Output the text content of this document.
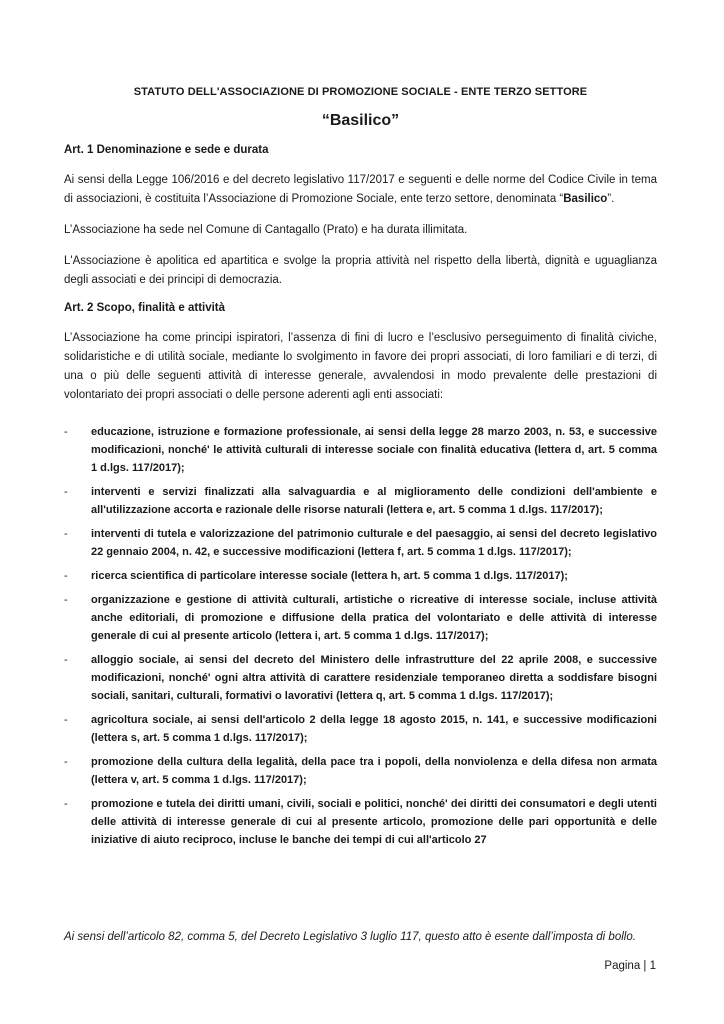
STATUTO DELL'ASSOCIAZIONE DI PROMOZIONE SOCIALE - ENTE TERZO SETTORE
“Basilico”
Art. 1 Denominazione e sede e durata

Ai sensi della Legge 106/2016 e del decreto legislativo 117/2017 e seguenti e delle norme del Codice Civile in tema di associazioni, è costituita l’Associazione di Promozione Sociale, ente terzo settore, denominata “Basilico”.

L’Associazione ha sede nel Comune di Cantagallo (Prato) e ha durata illimitata.

L'Associazione è apolitica ed apartitica e svolge la propria attività nel rispetto della libertà, dignità e uguaglianza degli associati e dei principi di democrazia.

Art. 2 Scopo, finalità e attività

L’Associazione ha come principi ispiratori, l’assenza di fini di lucro e l’esclusivo perseguimento di finalità civiche, solidaristiche e di utilità sociale, mediante lo svolgimento in favore dei propri associati, di loro familiari e di terzi, di una o più delle seguenti attività di interesse generale, avvalendosi in modo prevalente delle prestazioni di volontariato dei propri associati o delle persone aderenti agli enti associati:

- educazione, istruzione e formazione professionale, ai sensi della legge 28 marzo 2003, n. 53, e successive modificazioni, nonché' le attività culturali di interesse sociale con finalità educativa (lettera d, art. 5 comma 1 d.lgs. 117/2017);
- interventi e servizi finalizzati alla salvaguardia e al miglioramento delle condizioni dell'ambiente e all'utilizzazione accorta e razionale delle risorse naturali (lettera e, art. 5 comma 1 d.lgs. 117/2017);
- interventi di tutela e valorizzazione del patrimonio culturale e del paesaggio, ai sensi del decreto legislativo 22 gennaio 2004, n. 42, e successive modificazioni (lettera f, art. 5 comma 1 d.lgs. 117/2017);
- ricerca scientifica di particolare interesse sociale (lettera h, art. 5 comma 1 d.lgs. 117/2017);
- organizzazione e gestione di attività culturali, artistiche o ricreative di interesse sociale, incluse attività anche editoriali, di promozione e diffusione della pratica del volontariato e delle attività di interesse generale di cui al presente articolo (lettera i, art. 5 comma 1 d.lgs. 117/2017);
- alloggio sociale, ai sensi del decreto del Ministero delle infrastrutture del 22 aprile 2008, e successive modificazioni, nonché' ogni altra attività di carattere residenziale temporaneo diretta a soddisfare bisogni sociali, sanitari, culturali, formativi o lavorativi (lettera q, art. 5 comma 1 d.lgs. 117/2017);
- agricoltura sociale, ai sensi dell'articolo 2 della legge 18 agosto 2015, n. 141, e successive modificazioni (lettera s, art. 5 comma 1 d.lgs. 117/2017);
- promozione della cultura della legalità, della pace tra i popoli, della nonviolenza e della difesa non armata (lettera v, art. 5 comma 1 d.lgs. 117/2017);
- promozione e tutela dei diritti umani, civili, sociali e politici, nonché' dei diritti dei consumatori e degli utenti delle attività di interesse generale di cui al presente articolo, promozione delle pari opportunità e delle iniziative di aiuto reciproco, incluse le banche dei tempi di cui all'articolo 27
Ai sensi dell’articolo 82, comma 5, del Decreto Legislativo 3 luglio 117, questo atto è esente dall’imposta di bollo.
Pagina | 1
